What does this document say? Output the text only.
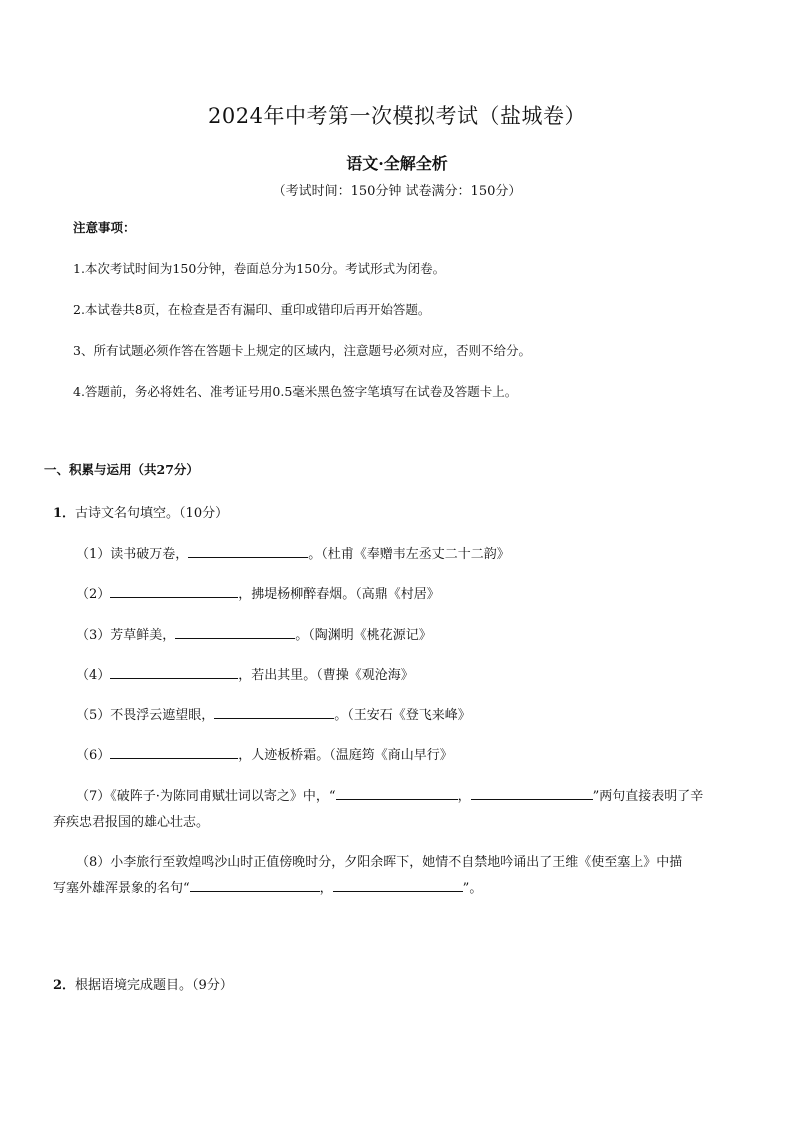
2024年中考第一次模拟考试（盐城卷）
语文·全解全析
（考试时间：150分钟 试卷满分：150分）
注意事项：
1.本次考试时间为150分钟，卷面总分为150分。考试形式为闭卷。
2.本试卷共8页，在检查是否有漏印、重印或错印后再开始答题。
3、所有试题必须作答在答题卡上规定的区域内，注意题号必须对应，否则不给分。
4.答题前，务必将姓名、准考证号用0.5毫米黑色签字笔填写在试卷及答题卡上。
一、积累与运用（共27分）
1．古诗文名句填空。（10分）
（1）读书破万卷，	。（杜甫《奉赠韦左丞丈二十二韵》
（2）	，拂堤杨柳醉春烟。（高鼎《村居》
（3）芳草鲜美，	。（陶渊明《桃花源记》
（4）	，若出其里。（曹操《观沧海》
（5）不畏浮云遮望眼，	。（王安石《登飞来峰》
（6）	，人迹板桥霜。（温庭筠《商山早行》
（7）《破阵子·为陈同甫赋壮词以寄之》中，“	，	”两句直接表明了辛
弃疾忠君报国的雄心壮志。
（8）小李旅行至敦煌鸣沙山时正值傍晚时分，夕阳余晖下，她情不自禁地吟诵出了王维《使至塞上》中描
写塞外雄浑景象的名句“	，	”。
2．根据语境完成题目。（9分）
